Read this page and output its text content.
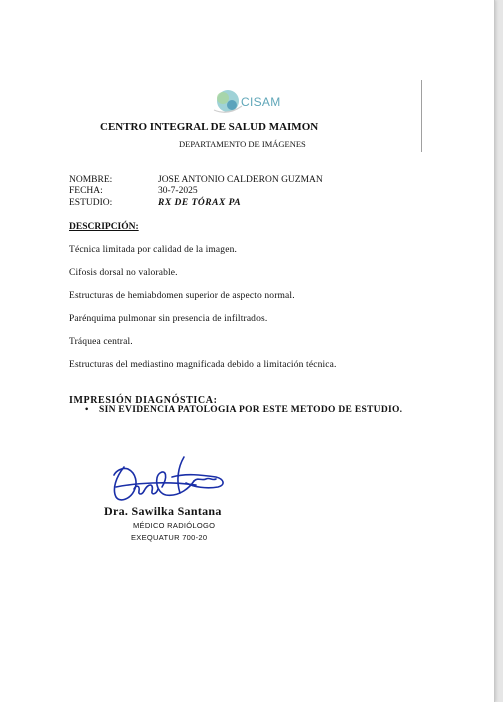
CISAM
CENTRO INTEGRAL DE SALUD MAIMON
DEPARTAMENTO DE IMÁGENES
NOMBRE:	JOSE ANTONIO CALDERON GUZMAN
FECHA:	30-7-2025
ESTUDIO:	RX DE TÓRAX PA
DESCRIPCIÓN:
Técnica limitada por calidad de la imagen.
Cifosis dorsal no valorable.
Estructuras de hemiabdomen superior de aspecto normal.
Parénquima pulmonar sin presencia de infiltrados.
Tráquea central.
Estructuras del mediastino magnificada debido a limitación técnica.
IMPRESIÓN DIAGNÓSTICA:
• SIN EVIDENCIA PATOLOGIA POR ESTE METODO DE ESTUDIO.
Dra. Sawilka Santana
MÉDICO RADIÓLOGO
EXEQUATUR 700-20
